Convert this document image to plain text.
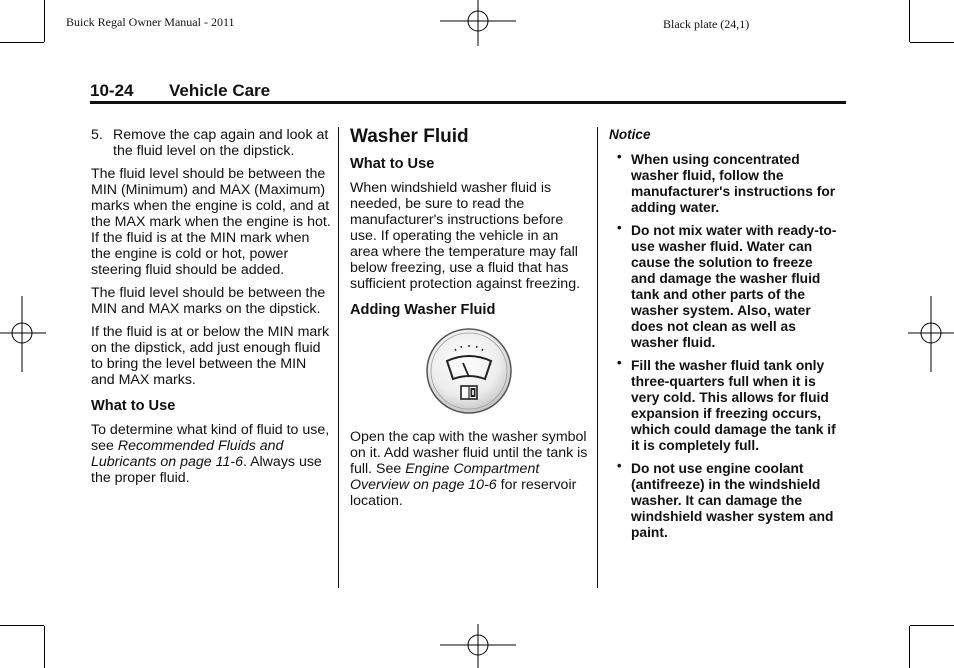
Buick Regal Owner Manual - 2011	Black plate (24,1)
10-24 Vehicle Care
5. Remove the cap again and look at the fluid level on the dipstick.

The fluid level should be between the MIN (Minimum) and MAX (Maximum) marks when the engine is cold, and at the MAX mark when the engine is hot. If the fluid is at the MIN mark when the engine is cold or hot, power steering fluid should be added.

The fluid level should be between the MIN and MAX marks on the dipstick.

If the fluid is at or below the MIN mark on the dipstick, add just enough fluid to bring the level between the MIN and MAX marks.

What to Use

To determine what kind of fluid to use, see Recommended Fluids and Lubricants on page 11-6. Always use the proper fluid.

Washer Fluid
What to Use

When windshield washer fluid is needed, be sure to read the manufacturer's instructions before use. If operating the vehicle in an area where the temperature may fall below freezing, use a fluid that has sufficient protection against freezing.

Adding Washer Fluid

Open the cap with the washer symbol on it. Add washer fluid until the tank is full. See Engine Compartment Overview on page 10-6 for reservoir location.

Notice
• When using concentrated washer fluid, follow the manufacturer's instructions for adding water.
• Do not mix water with ready-to-use washer fluid. Water can cause the solution to freeze and damage the washer fluid tank and other parts of the washer system. Also, water does not clean as well as washer fluid.
• Fill the washer fluid tank only three-quarters full when it is very cold. This allows for fluid expansion if freezing occurs, which could damage the tank if it is completely full.
• Do not use engine coolant (antifreeze) in the windshield washer. It can damage the windshield washer system and paint.
